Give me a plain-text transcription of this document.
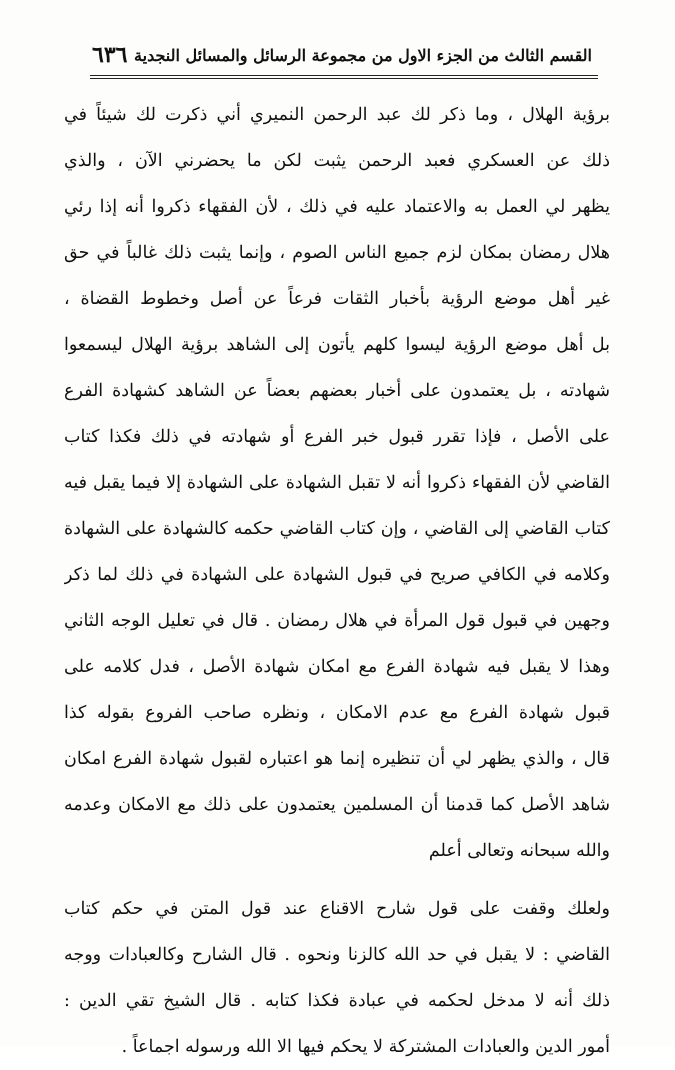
القسم الثالث من الجزء الاول من مجموعة الرسائل والمسائل النجدية
٦٣٦
برؤية الهلال ، وما ذكر لك عبد الرحمن النميري أني ذكرت لك شيئاً في
ذلك عن العسكري فعبد الرحمن يثبت لكن ما يحضرني الآن ، والذي
يظهر لي العمل به والاعتماد عليه في ذلك ، لأن الفقهاء ذكروا أنه إذا رئي
هلال رمضان بمكان لزم جميع الناس الصوم ، وإنما يثبت ذلك غالباً في حق
غير أهل موضع الرؤية بأخبار الثقات فرعاً عن أصل وخطوط القضاة ،
بل أهل موضع الرؤية ليسوا كلهم يأتون إلى الشاهد برؤية الهلال ليسمعوا
شهادته ، بل يعتمدون على أخبار بعضهم بعضاً عن الشاهد كشهادة الفرع
على الأصل ، فإذا تقرر قبول خبر الفرع أو شهادته في ذلك فكذا كتاب
القاضي لأن الفقهاء ذكروا أنه لا تقبل الشهادة على الشهادة إلا فيما يقبل فيه
كتاب القاضي إلى القاضي ، وإن كتاب القاضي حكمه كالشهادة على الشهادة
وكلامه في الكافي صريح في قبول الشهادة على الشهادة في ذلك لما ذكر
وجهين في قبول قول المرأة في هلال رمضان . قال في تعليل الوجه الثاني
وهذا لا يقبل فيه شهادة الفرع مع امكان شهادة الأصل ، فدل كلامه على
قبول شهادة الفرع مع عدم الامكان ، ونظره صاحب الفروع بقوله كذا
قال ، والذي يظهر لي أن تنظيره إنما هو اعتباره لقبول شهادة الفرع امكان
شاهد الأصل كما قدمنا أن المسلمين يعتمدون على ذلك مع الامكان وعدمه
والله سبحانه وتعالى أعلم
ولعلك وقفت على قول شارح الاقناع عند قول المتن في حكم كتاب
القاضي : لا يقبل في حد الله كالزنا ونحوه . قال الشارح وكالعبادات ووجه
ذلك أنه لا مدخل لحكمه في عبادة فكذا كتابه . قال الشيخ تقي الدين :
أمور الدين والعبادات المشتركة لا يحكم فيها الا الله ورسوله اجماعاً .
